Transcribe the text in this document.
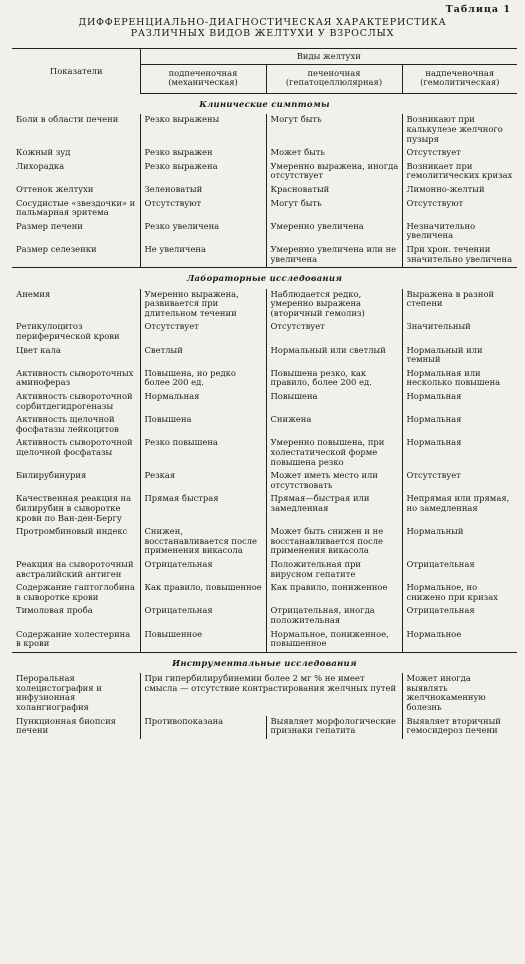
Таблица 1
ДИФФЕРЕНЦИАЛЬНО-ДИАГНОСТИЧЕСКАЯ ХАРАКТЕРИСТИКА
РАЗЛИЧНЫХ ВИДОВ ЖЕЛТУХИ У ВЗРОСЛЫХ
Показатели	Виды желтухи		
	подпеченочная (механическая)	печеночная (гепатоцеллюлярная)	надпеченочная (гемолитическая)
Клинические симптомы			
Боли в области печени	Резко выражены	Могут быть	Возникают при калькулезе желчного пузыря
Кожный зуд	Резко выражен	Может быть	Отсутствует
Лихорадка	Резко выражена	Умеренно выражена, иногда отсутствует	Возникает при гемолитических кризах
Оттенок желтухи	Зеленоватый	Красноватый	Лимонно-желтый
Сосудистые «звездочки» и пальмарная эритема	Отсутствуют	Могут быть	Отсутствуют
Размер печени	Резко увеличена	Умеренно увеличена	Незначительно увеличена
Размер селезенки	Не увеличена	Умеренно увеличена или не увеличена	При хрон. течении значительно увеличена
Лабораторные исследования			
Анемия	Умеренно выражена, развивается при длительном течении	Наблюдается редко, умеренно выражена (вторичный гемолиз)	Выражена в разной степени
Ретикулоцитоз периферической крови	Отсутствует	Отсутствует	Значительный
Цвет кала	Светлый	Нормальный или светлый	Нормальный или темный
Активность сывороточных аминофераз	Повышена, но редко более 200 ед.	Повышена резко, как правило, более 200 ед.	Нормальная или несколько повышена
Активность сывороточной сорбитдегидрогеназы	Нормальная	Повышена	Нормальная
Активность щелочной фосфатазы лейкоцитов	Повышена	Снижена	Нормальная
Активность сывороточной щелочной фосфатазы	Резко повышена	Умеренно повышена, при холестатической форме повышена резко	Нормальная
Билирубинурия	Резкая	Может иметь место или отсутствовать	Отсутствует
Качественная реакция на билирубин в сыворотке крови по Ван-ден-Бергу	Прямая быстрая	Прямая—быстрая или замедленная	Непрямая или прямая, но замедленная
Протромбиновый индекс	Снижен, восстанавливается после применения викасола	Может быть снижен и не восстанавливается после применения викасола	Нормальный
Реакция на сывороточный австралийский антиген	Отрицательная	Положительная при вирусном гепатите	Отрицательная
Содержание гаптоглобина в сыворотке крови	Как правило, повышенное	Как правило, пониженное	Нормальное, но снижено при кризах
Тимоловая проба	Отрицательная	Отрицательная, иногда положительная	Отрицательная
Содержание холестерина в крови	Повышенное	Нормальное, пониженное, повышенное	Нормальное
Инструментальные исследования			
Пероральная холецистография и инфузионная холангиография	При гипербилирубинемии более 2 мг % не имеет смысла — отсутствие контрастирования желчных путей		Может иногда выявлять желчнокаменную болезнь
Пункционная биопсия печени	Противопоказана	Выявляет морфологические признаки гепатита	Выявляет вторичный гемосидероз печени
